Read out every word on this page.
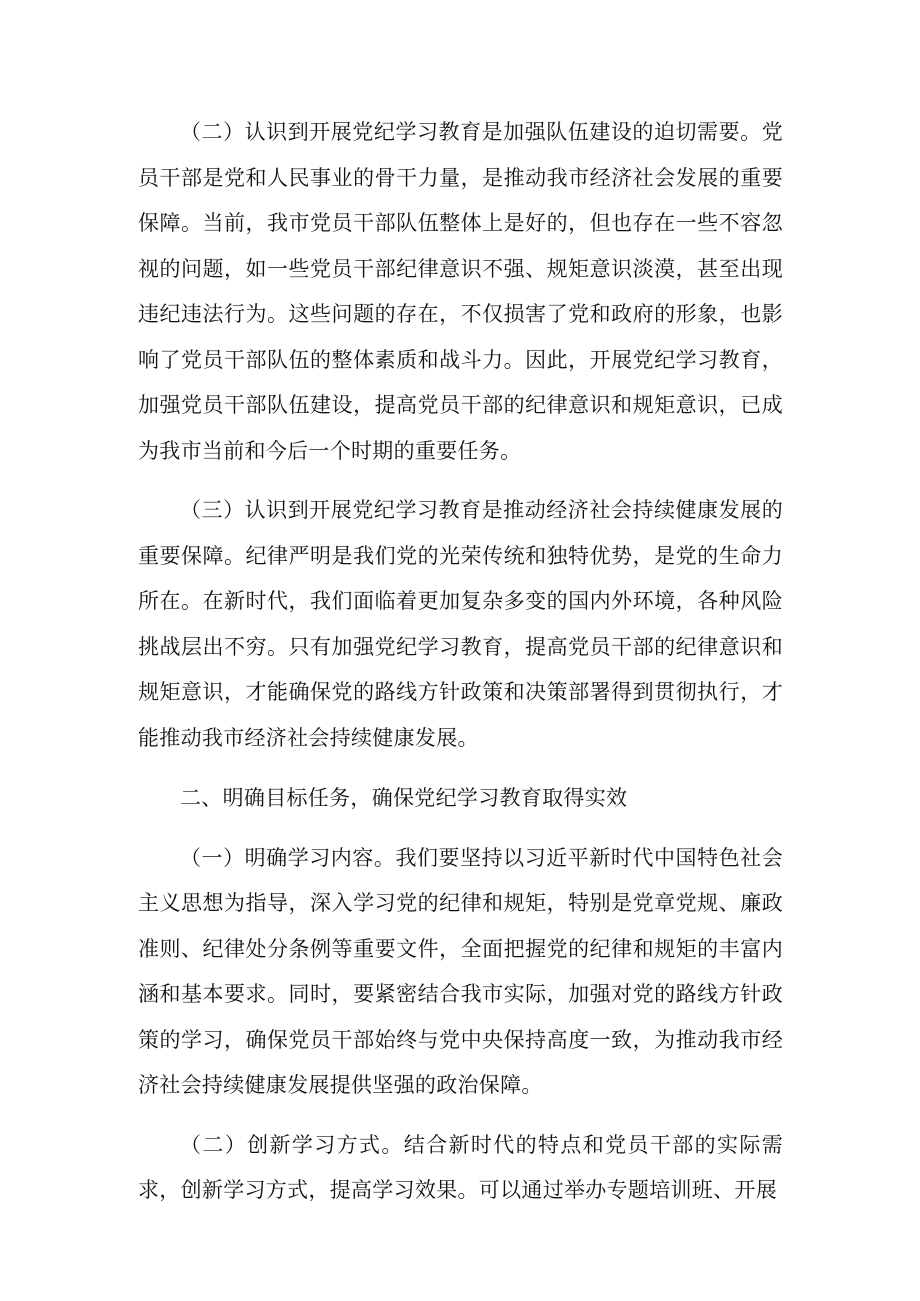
（二）认识到开展党纪学习教育是加强队伍建设的迫切需要。党员干部是党和人民事业的骨干力量，是推动我市经济社会发展的重要保障。当前，我市党员干部队伍整体上是好的，但也存在一些不容忽视的问题，如一些党员干部纪律意识不强、规矩意识淡漠，甚至出现违纪违法行为。这些问题的存在，不仅损害了党和政府的形象，也影响了党员干部队伍的整体素质和战斗力。因此，开展党纪学习教育，加强党员干部队伍建设，提高党员干部的纪律意识和规矩意识，已成为我市当前和今后一个时期的重要任务。

（三）认识到开展党纪学习教育是推动经济社会持续健康发展的重要保障。纪律严明是我们党的光荣传统和独特优势，是党的生命力所在。在新时代，我们面临着更加复杂多变的国内外环境，各种风险挑战层出不穷。只有加强党纪学习教育，提高党员干部的纪律意识和规矩意识，才能确保党的路线方针政策和决策部署得到贯彻执行，才能推动我市经济社会持续健康发展。

二、明确目标任务，确保党纪学习教育取得实效

（一）明确学习内容。我们要坚持以习近平新时代中国特色社会主义思想为指导，深入学习党的纪律和规矩，特别是党章党规、廉政准则、纪律处分条例等重要文件，全面把握党的纪律和规矩的丰富内涵和基本要求。同时，要紧密结合我市实际，加强对党的路线方针政策的学习，确保党员干部始终与党中央保持高度一致，为推动我市经济社会持续健康发展提供坚强的政治保障。

（二）创新学习方式。结合新时代的特点和党员干部的实际需求，创新学习方式，提高学习效果。可以通过举办专题培训班、开展
